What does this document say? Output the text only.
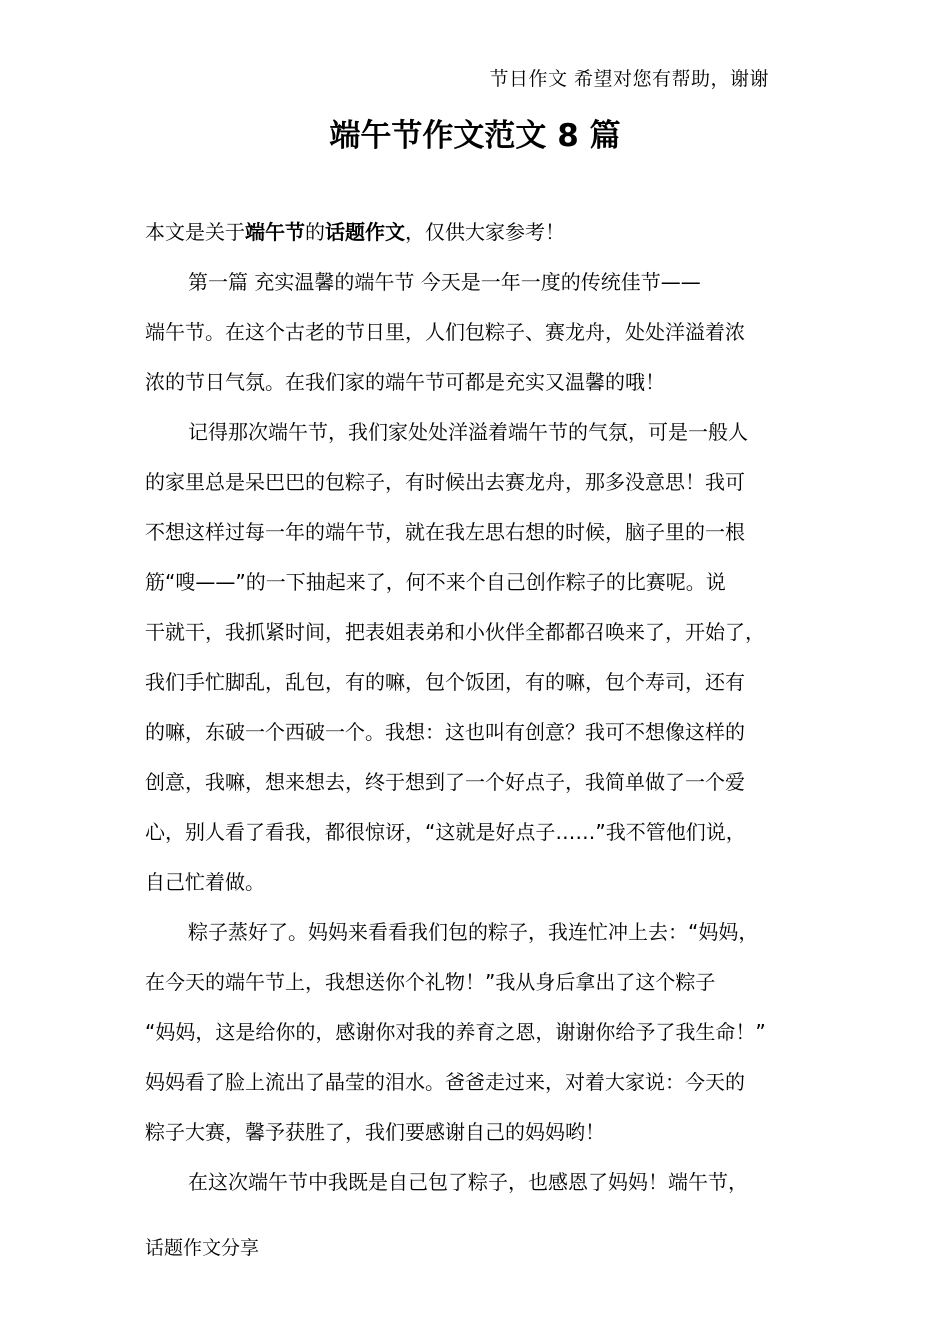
节日作文 希望对您有帮助，谢谢
端午节作文范文 8 篇
本文是关于端午节的话题作文，仅供大家参考！
第一篇 充实温馨的端午节 今天是一年一度的传统佳节——
端午节。在这个古老的节日里，人们包粽子、赛龙舟，处处洋溢着浓
浓的节日气氛。在我们家的端午节可都是充实又温馨的哦！
记得那次端午节，我们家处处洋溢着端午节的气氛，可是一般人
的家里总是呆巴巴的包粽子，有时候出去赛龙舟，那多没意思！我可
不想这样过每一年的端午节，就在我左思右想的时候，脑子里的一根
筋“嗖——”的一下抽起来了，何不来个自己创作粽子的比赛呢。说
干就干，我抓紧时间，把表姐表弟和小伙伴全都都召唤来了，开始了，
我们手忙脚乱，乱包，有的嘛，包个饭团，有的嘛，包个寿司，还有
的嘛，东破一个西破一个。我想：这也叫有创意？我可不想像这样的
创意，我嘛，想来想去，终于想到了一个好点子，我简单做了一个爱
心，别人看了看我，都很惊讶，“这就是好点子……”我不管他们说，
自己忙着做。
粽子蒸好了。妈妈来看看我们包的粽子，我连忙冲上去：“妈妈，
在今天的端午节上，我想送你个礼物！”我从身后拿出了这个粽子
“妈妈，这是给你的，感谢你对我的养育之恩，谢谢你给予了我生命！”
妈妈看了脸上流出了晶莹的泪水。爸爸走过来，对着大家说：今天的
粽子大赛，馨予获胜了，我们要感谢自己的妈妈哟！
在这次端午节中我既是自己包了粽子，也感恩了妈妈！端午节，
话题作文分享
